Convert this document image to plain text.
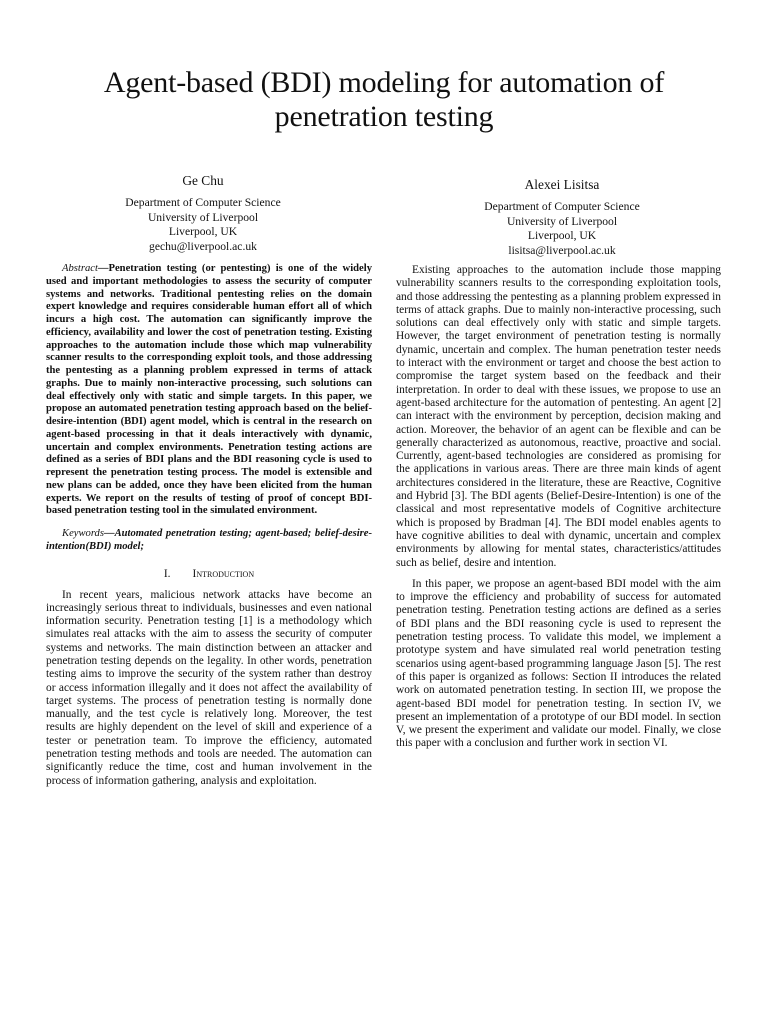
Agent-based (BDI) modeling for automation of penetration testing
Ge Chu
Department of Computer Science
University of Liverpool
Liverpool, UK
gechu@liverpool.ac.uk
Alexei Lisitsa
Department of Computer Science
University of Liverpool
Liverpool, UK
lisitsa@liverpool.ac.uk

Abstract—Penetration testing (or pentesting) is one of the widely used and important methodologies to assess the security of computer systems and networks. Traditional pentesting relies on the domain expert knowledge and requires considerable human effort all of which incurs a high cost. The automation can significantly improve the efficiency, availability and lower the cost of penetration testing. Existing approaches to the automation include those which map vulnerability scanner results to the corresponding exploit tools, and those addressing the pentesting as a planning problem expressed in terms of attack graphs. Due to mainly non-interactive processing, such solutions can deal effectively only with static and simple targets. In this paper, we propose an automated penetration testing approach based on the belief-desire-intention (BDI) agent model, which is central in the research on agent-based processing in that it deals interactively with dynamic, uncertain and complex environments. Penetration testing actions are defined as a series of BDI plans and the BDI reasoning cycle is used to represent the penetration testing process. The model is extensible and new plans can be added, once they have been elicited from the human experts. We report on the results of testing of proof of concept BDI-based penetration testing tool in the simulated environment.

Keywords—Automated penetration testing; agent-based; belief-desire-intention(BDI) model;

I. Introduction

In recent years, malicious network attacks have become an increasingly serious threat to individuals, businesses and even national information security. Penetration testing [1] is a methodology which simulates real attacks with the aim to assess the security of computer systems and networks. The main distinction between an attacker and penetration testing depends on the legality. In other words, penetration testing aims to improve the security of the system rather than destroy or access information illegally and it does not affect the availability of target systems. The process of penetration testing is normally done manually, and the test cycle is relatively long. Moreover, the test results are highly dependent on the level of skill and experience of a tester or penetration team. To improve the efficiency, automated penetration testing methods and tools are needed. The automation can significantly reduce the time, cost and human involvement in the process of information gathering, analysis and exploitation.

Existing approaches to the automation include those mapping vulnerability scanners results to the corresponding exploitation tools, and those addressing the pentesting as a planning problem expressed in terms of attack graphs. Due to mainly non-interactive processing, such solutions can deal effectively only with static and simple targets. However, the target environment of penetration testing is normally dynamic, uncertain and complex. The human penetration tester needs to interact with the environment or target and choose the best action to compromise the target system based on the feedback and their interpretation. In order to deal with these issues, we propose to use an agent-based architecture for the automation of pentesting. An agent [2] can interact with the environment by perception, decision making and action. Moreover, the behavior of an agent can be flexible and can be generally characterized as autonomous, reactive, proactive and social. Currently, agent-based technologies are considered as promising for the applications in various areas. There are three main kinds of agent architectures considered in the literature, these are Reactive, Cognitive and Hybrid [3]. The BDI agents (Belief-Desire-Intention) is one of the classical and most representative models of Cognitive architecture which is proposed by Bradman [4]. The BDI model enables agents to have cognitive abilities to deal with dynamic, uncertain and complex environments by allowing for mental states, characteristics/attitudes such as belief, desire and intention.

In this paper, we propose an agent-based BDI model with the aim to improve the efficiency and probability of success for automated penetration testing. Penetration testing actions are defined as a series of BDI plans and the BDI reasoning cycle is used to represent the penetration testing process. To validate this model, we implement a prototype system and have simulated real world penetration testing scenarios using agent-based programming language Jason [5]. The rest of this paper is organized as follows: Section II introduces the related work on automated penetration testing. In section III, we propose the agent-based BDI model for penetration testing. In section IV, we present an implementation of a prototype of our BDI model. In section V, we present the experiment and validate our model. Finally, we close this paper with a conclusion and further work in section VI.
